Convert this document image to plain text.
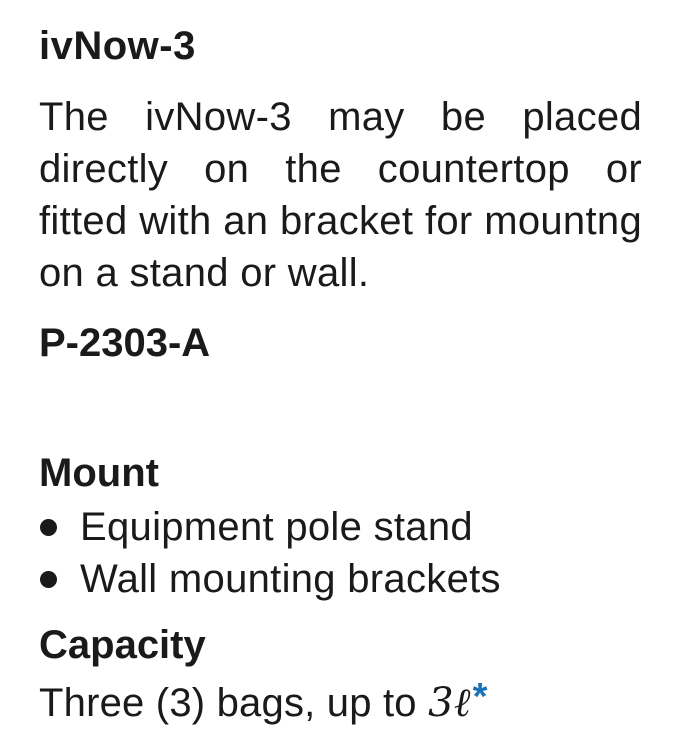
ivNow-3

The ivNow-3 may be placed directly on the countertop or fitted with an bracket for mountng on a stand or wall.

P-2303-A
Mount
Equipment pole stand
Wall mounting brackets
Capacity

Three (3) bags, up to 3ℓ*
